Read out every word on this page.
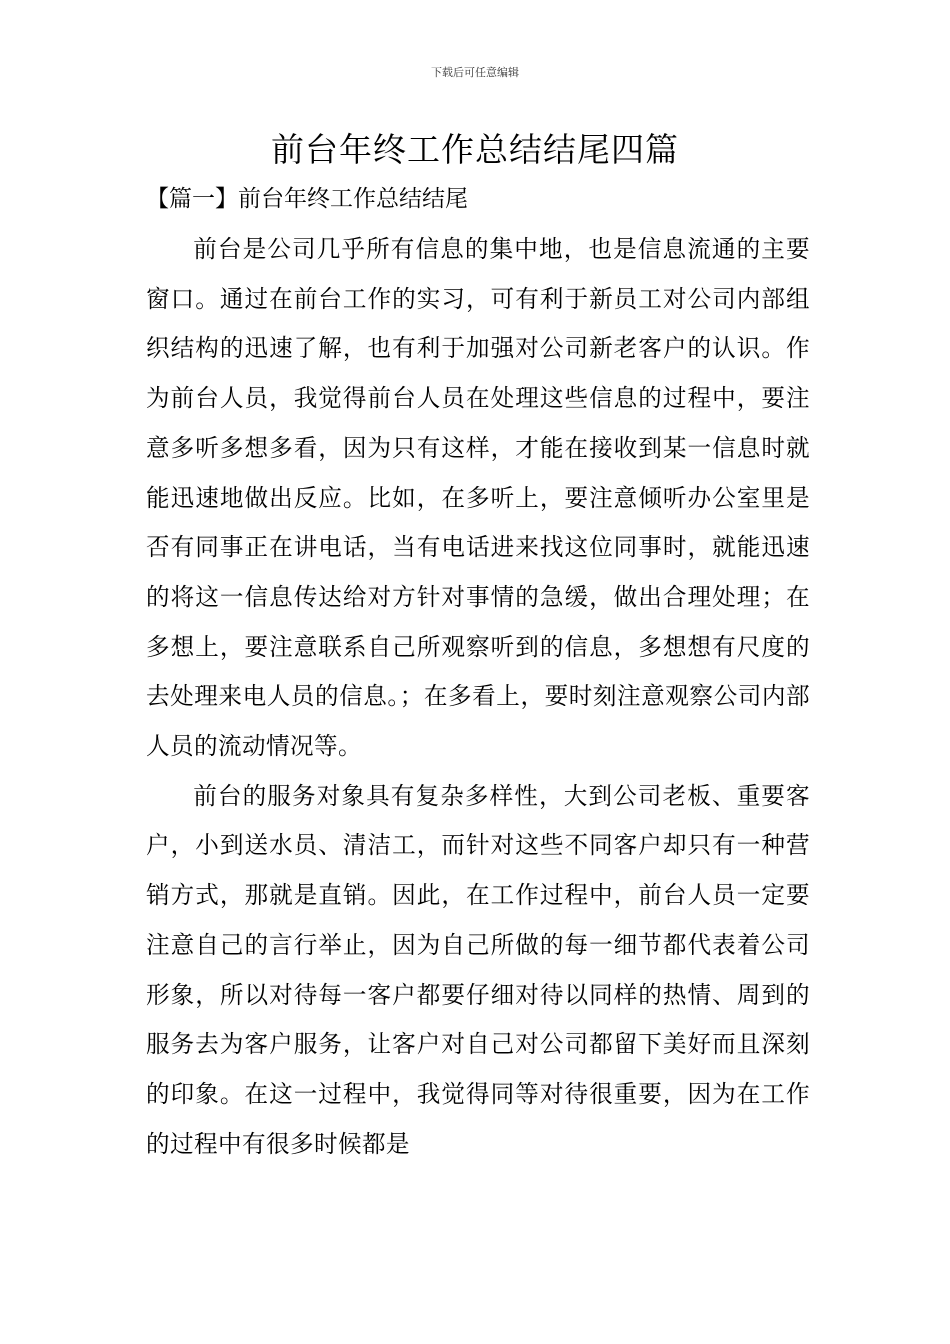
下载后可任意编辑
前台年终工作总结结尾四篇
【篇一】前台年终工作总结结尾

前台是公司几乎所有信息的集中地，也是信息流通的主要窗口。通过在前台工作的实习，可有利于新员工对公司内部组织结构的迅速了解，也有利于加强对公司新老客户的认识。作为前台人员，我觉得前台人员在处理这些信息的过程中，要注意多听多想多看，因为只有这样，才能在接收到某一信息时就能迅速地做出反应。比如，在多听上，要注意倾听办公室里是否有同事正在讲电话，当有电话进来找这位同事时，就能迅速的将这一信息传达给对方针对事情的急缓，做出合理处理；在多想上，要注意联系自己所观察听到的信息，多想想有尺度的去处理来电人员的信息。；在多看上，要时刻注意观察公司内部人员的流动情况等。

前台的服务对象具有复杂多样性，大到公司老板、重要客户，小到送水员、清洁工，而针对这些不同客户却只有一种营销方式，那就是直销。因此，在工作过程中，前台人员一定要注意自己的言行举止，因为自己所做的每一细节都代表着公司形象，所以对待每一客户都要仔细对待以同样的热情、周到的服务去为客户服务，让客户对自己对公司都留下美好而且深刻的印象。在这一过程中，我觉得同等对待很重要，因为在工作的过程中有很多时候都是
